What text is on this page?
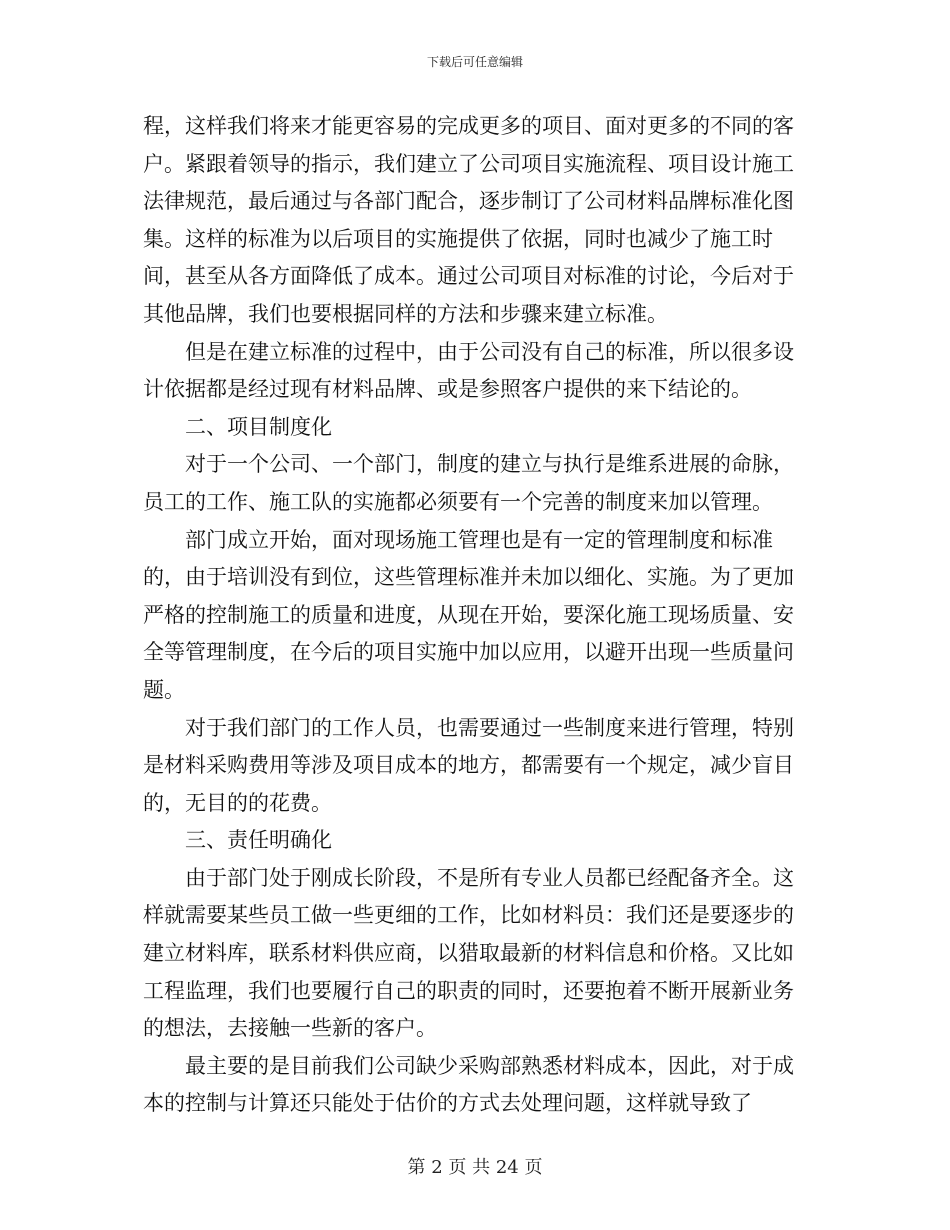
下载后可任意编辑

程，这样我们将来才能更容易的完成更多的项目、面对更多的不同的客户。紧跟着领导的指示，我们建立了公司项目实施流程、项目设计施工法律规范，最后通过与各部门配合，逐步制订了公司材料品牌标准化图集。这样的标准为以后项目的实施提供了依据，同时也减少了施工时间，甚至从各方面降低了成本。通过公司项目对标准的讨论，今后对于其他品牌，我们也要根据同样的方法和步骤来建立标准。

但是在建立标准的过程中，由于公司没有自己的标准，所以很多设计依据都是经过现有材料品牌、或是参照客户提供的来下结论的。

二、项目制度化

对于一个公司、一个部门，制度的建立与执行是维系进展的命脉，员工的工作、施工队的实施都必须要有一个完善的制度来加以管理。

部门成立开始，面对现场施工管理也是有一定的管理制度和标准的，由于培训没有到位，这些管理标准并未加以细化、实施。为了更加严格的控制施工的质量和进度，从现在开始，要深化施工现场质量、安全等管理制度，在今后的项目实施中加以应用，以避开出现一些质量问题。

对于我们部门的工作人员，也需要通过一些制度来进行管理，特别是材料采购费用等涉及项目成本的地方，都需要有一个规定，减少盲目的，无目的的花费。

三、责任明确化

由于部门处于刚成长阶段，不是所有专业人员都已经配备齐全。这样就需要某些员工做一些更细的工作，比如材料员：我们还是要逐步的建立材料库，联系材料供应商，以猎取最新的材料信息和价格。又比如工程监理，我们也要履行自己的职责的同时，还要抱着不断开展新业务的想法，去接触一些新的客户。

最主要的是目前我们公司缺少采购部熟悉材料成本，因此，对于成本的控制与计算还只能处于估价的方式去处理问题，这样就导致了

第 2 页 共 24 页
